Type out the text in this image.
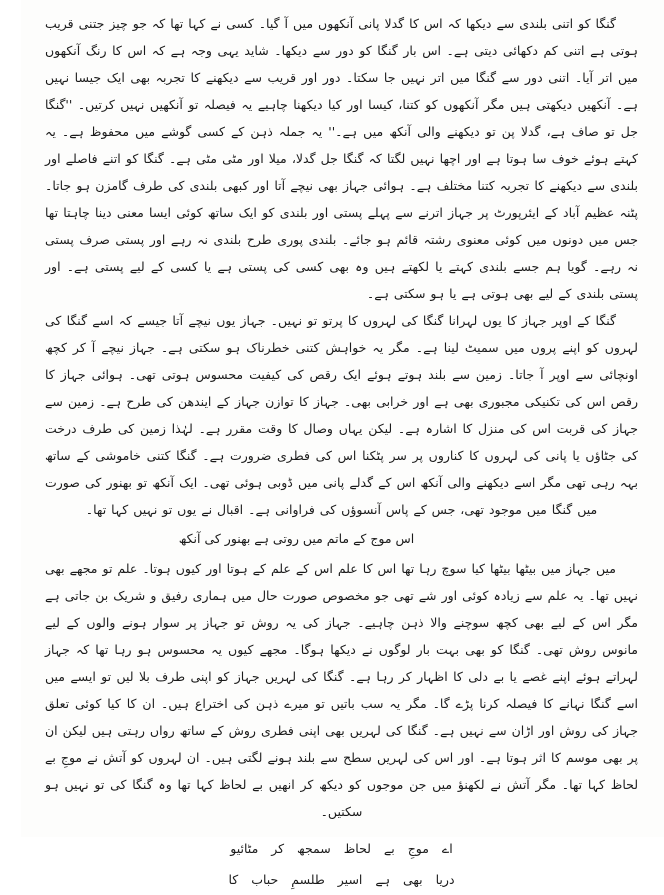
گنگا کو اتنی بلندی سے دیکھا کہ اس کا گدلا پانی آنکھوں میں آ گیا۔ کسی نے کہا تھا کہ جو چیز جتنی قریب ہوتی ہے اتنی کم دکھائی دیتی ہے۔ اس بار گنگا کو دور سے دیکھا۔ شاید یہی وجہ ہے کہ اس کا رنگ آنکھوں میں اتر آیا۔ اتنی دور سے گنگا میں اتر نہیں جا سکتا۔ دور اور قریب سے دیکھنے کا تجربہ بھی ایک جیسا نہیں ہے۔ آنکھیں دیکھتی ہیں مگر آنکھوں کو کتنا، کیسا اور کیا دیکھنا چاہیے یہ فیصلہ تو آنکھیں نہیں کرتیں۔ ''گنگا جل تو صاف ہے، گدلا پن تو دیکھنے والی آنکھ میں ہے۔'' یہ جملہ ذہن کے کسی گوشے میں محفوظ ہے۔ یہ کہتے ہوئے خوف سا ہوتا ہے اور اچھا نہیں لگتا کہ گنگا جل گدلا، میلا اور مٹی مٹی ہے۔ گنگا کو اتنے فاصلے اور بلندی سے دیکھنے کا تجربہ کتنا مختلف ہے۔ ہوائی جہاز بھی نیچے آتا اور کبھی بلندی کی طرف گامزن ہو جاتا۔ پٹنہ عظیم آباد کے ایئرپورٹ پر جہاز اترنے سے پہلے پستی اور بلندی کو ایک ساتھ کوئی ایسا معنی دینا چاہتا تھا جس میں دونوں میں کوئی معنوی رشتہ قائم ہو جائے۔ بلندی پوری طرح بلندی نہ رہے اور پستی صرف پستی نہ رہے۔ گویا ہم جسے بلندی کہتے یا لکھتے ہیں وہ بھی کسی کی پستی ہے یا کسی کے لیے پستی ہے۔ اور پستی بلندی کے لیے بھی ہوتی ہے یا ہو سکتی ہے۔

گنگا کے اوپر جہاز کا یوں لہرانا گنگا کی لہروں کا پرتو تو نہیں۔ جہاز یوں نیچے آتا جیسے کہ اسے گنگا کی لہروں کو اپنے پروں میں سمیٹ لینا ہے۔ مگر یہ خواہش کتنی خطرناک ہو سکتی ہے۔ جہاز نیچے آ کر کچھ اونچائی سے اوپر آ جاتا۔ زمین سے بلند ہوتے ہوئے ایک رقص کی کیفیت محسوس ہوتی تھی۔ ہوائی جہاز کا رقص اس کی تکنیکی مجبوری بھی ہے اور خرابی بھی۔ جہاز کا توازن جہاز کے ایندھن کی طرح ہے۔ زمین سے جہاز کی قربت اس کی منزل کا اشارہ ہے۔ لیکن یہاں وصال کا وقت مقرر ہے۔ لہٰذا زمین کی طرف درخت کی جٹاؤں یا پانی کی لہروں کا کناروں پر سر پٹکنا اس کی فطری ضرورت ہے۔ گنگا کتنی خاموشی کے ساتھ بہہ رہی تھی مگر اسے دیکھنے والی آنکھ اس کے گدلے پانی میں ڈوبی ہوئی تھی۔ ایک آنکھ تو بھنور کی صورت میں گنگا میں موجود تھی، جس کے پاس آنسوؤں کی فراوانی ہے۔ اقبال نے یوں تو نہیں کہا تھا۔

اس موج کے ماتم میں روتی ہے بھنور کی آنکھ

میں جہاز میں بیٹھا بیٹھا کیا سوچ رہا تھا اس کا علم اس کے علم کے ہوتا اور کیوں ہوتا۔ علم تو مجھے بھی نہیں تھا۔ یہ علم سے زیادہ کوئی اور شے تھی جو مخصوص صورت حال میں ہماری رفیق و شریک بن جاتی ہے مگر اس کے لیے بھی کچھ سوچنے والا ذہن چاہیے۔ جہاز کی یہ روش تو جہاز پر سوار ہونے والوں کے لیے مانوس روش تھی۔ گنگا کو بھی بہت بار لوگوں نے دیکھا ہوگا۔ مجھے کیوں یہ محسوس ہو رہا تھا کہ جہاز لہراتے ہوئے اپنے غصے یا بے دلی کا اظہار کر رہا ہے۔ گنگا کی لہریں جہاز کو اپنی طرف بلا لیں تو ایسے میں اسے گنگا نہانے کا فیصلہ کرنا پڑے گا۔ مگر یہ سب باتیں تو میرے ذہن کی اختراع ہیں۔ ان کا کیا کوئی تعلق جہاز کی روش اور اڑان سے نہیں ہے۔ گنگا کی لہریں بھی اپنی فطری روش کے ساتھ رواں رہتی ہیں لیکن ان پر بھی موسم کا اثر ہوتا ہے۔ اور اس کی لہریں سطح سے بلند ہونے لگتی ہیں۔ ان لہروں کو آتش نے موجِ بے لحاظ کہا تھا۔ مگر آتش نے لکھنؤ میں جن موجوں کو دیکھ کر انھیں بے لحاظ کہا تھا وہ گنگا کی تو نہیں ہو سکتیں۔

اے موجِ بے لحاظ سمجھ کر مٹائیو
دریا بھی ہے اسیر طلسمِ حباب کا
